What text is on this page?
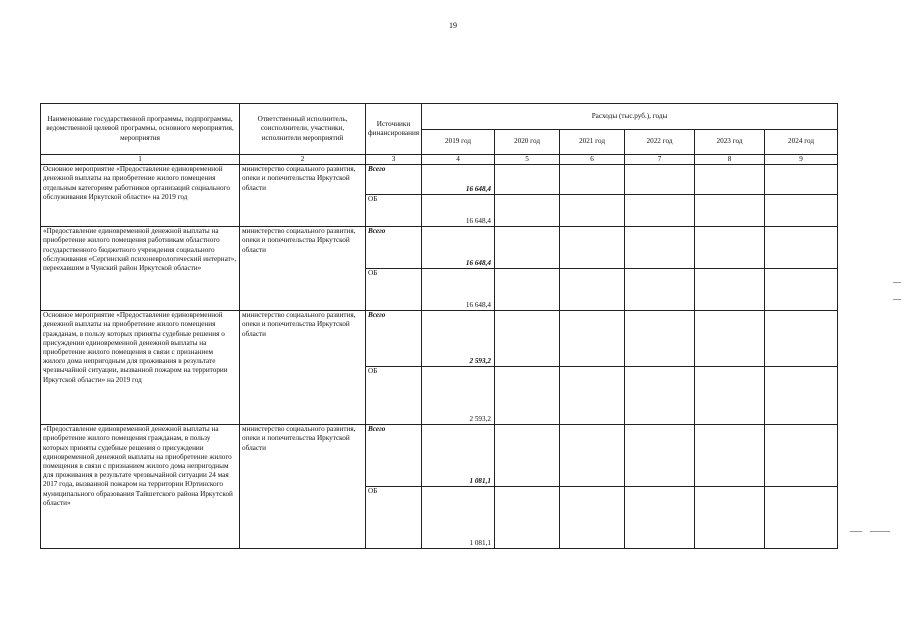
19
Наименование государственной программы, подпрограммы, ведомственной целевой программы, основного мероприятия, мероприятия	Ответственный исполнитель, соисполнители, участники, исполнители мероприятий	Источники финансирования	Расходы (тыс.руб.), годы					
			2019 год	2020 год	2021 год	2022 год	2023 год	2024 год
1	2	3	4	5	6	7	8	9
Основное мероприятие «Предоставление единовременной денежной выплаты на приобретение жилого помещения отдельным категориям работников организаций социального обслуживания Иркутской области» на 2019 год	министерство социального развития, опеки и попечительства Иркутской области	Всего	16 648,4					
		ОБ	16 648,4					
«Предоставление единовременной денежной выплаты на приобретение жилого помещения работникам областного государственного бюджетного учреждения социального обслуживания «Сергинский психоневрологический интернат», переехавшим в Чунский район Иркутской области»	министерство социального развития, опеки и попечительства Иркутской области	Всего	16 648,4					
		ОБ	16 648,4					
Основное мероприятие «Предоставление единовременной денежной выплаты на приобретение жилого помещения гражданам, в пользу которых приняты судебные решения о присуждении единовременной денежной выплаты на приобретение жилого помещения в связи с признанием жилого дома непригодным для проживания в результате чрезвычайной ситуации, вызванной пожаром на территории Иркутской области» на 2019 год	министерство социального развития, опеки и попечительства Иркутской области	Всего	2 593,2					
		ОБ	2 593,2					
«Предоставление единовременной денежной выплаты на приобретение жилого помещения гражданам, в пользу которых приняты судебные решения о присуждении единовременной денежной выплаты на приобретение жилого помещения в связи с признанием жилого дома непригодным для проживания в результате чрезвычайной ситуации 24 мая 2017 года, вызванной пожаром на территории Юртинского муниципального образования Тайшетского района Иркутской области»	министерство социального развития, опеки и попечительства Иркутской области	Всего	1 081,1					
		ОБ	1 081,1					
